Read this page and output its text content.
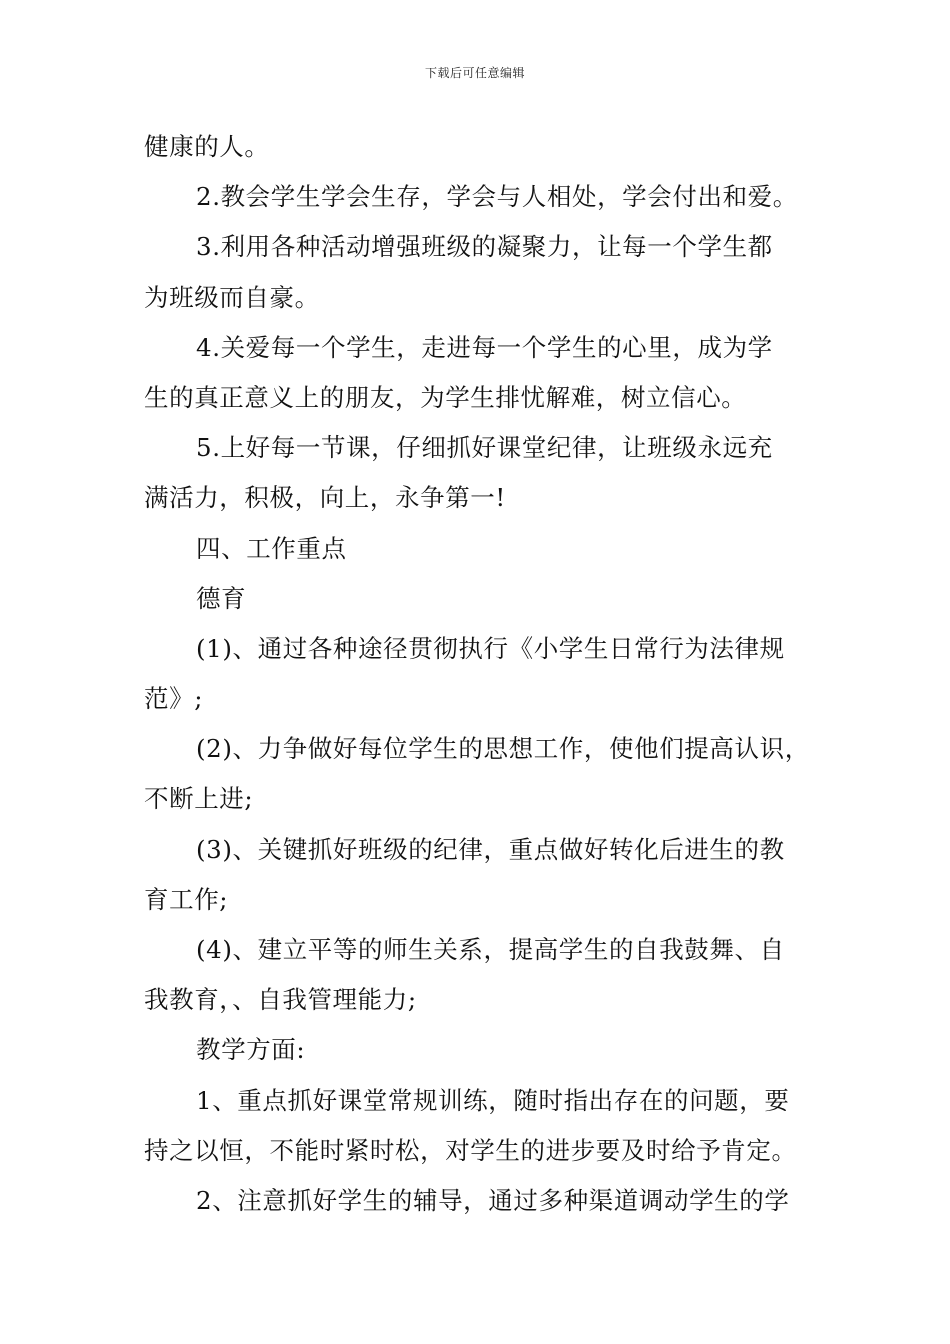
下载后可任意编辑
健康的人。
2.教会学生学会生存，学会与人相处，学会付出和爱。
3.利用各种活动增强班级的凝聚力，让每一个学生都
为班级而自豪。
4.关爱每一个学生，走进每一个学生的心里，成为学
生的真正意义上的朋友，为学生排忧解难，树立信心。
5.上好每一节课，仔细抓好课堂纪律，让班级永远充
满活力，积极，向上，永争第一!
四、工作重点
德育
(1)、通过各种途径贯彻执行《小学生日常行为法律规
范》;
(2)、力争做好每位学生的思想工作，使他们提高认识，
不断上进;
(3)、关键抓好班级的纪律，重点做好转化后进生的教
育工作;
(4)、建立平等的师生关系，提高学生的自我鼓舞、自
我教育，、自我管理能力;
教学方面:
1、重点抓好课堂常规训练，随时指出存在的问题，要
持之以恒，不能时紧时松，对学生的进步要及时给予肯定。
2、注意抓好学生的辅导，通过多种渠道调动学生的学
